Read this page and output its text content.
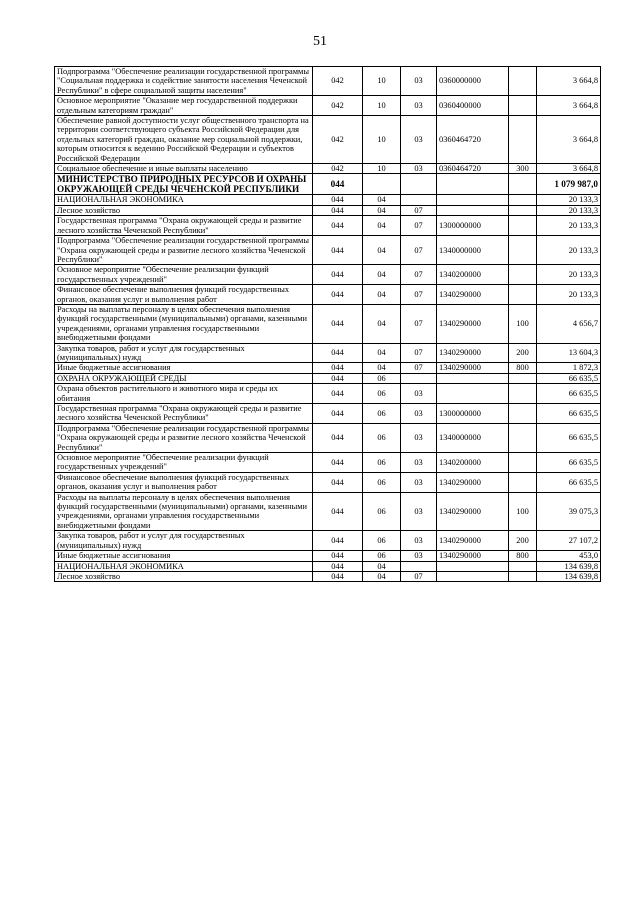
51
Подпрограмма "Обеспечение реализации государственной программы "Социальная поддержка и содействие занятости населения Чеченской Республики" в сфере социальной защиты населения"	042	10	03	0360000000		3 664,8
Основное мероприятие "Оказание мер государственной поддержки отдельным категориям граждан"	042	10	03	0360400000		3 664,8
Обеспечение равной доступности услуг общественного транспорта на территории соответствующего субъекта Российской Федерации для отдельных категорий граждан, оказание мер социальной поддержки, которым относится к ведению Российской Федерации и субъектов Российской Федерации	042	10	03	0360464720		3 664,8
Социальное обеспечение и иные выплаты населению	042	10	03	0360464720	300	3 664,8
МИНИСТЕРСТВО ПРИРОДНЫХ РЕСУРСОВ И ОХРАНЫ ОКРУЖАЮЩЕЙ СРЕДЫ ЧЕЧЕНСКОЙ РЕСПУБЛИКИ	044					1 079 987,0
НАЦИОНАЛЬНАЯ ЭКОНОМИКА	044	04				20 133,3
Лесное хозяйство	044	04	07			20 133,3
Государственная программа "Охрана окружающей среды и развитие лесного хозяйства Чеченской Республики"	044	04	07	1300000000		20 133,3
Подпрограмма "Обеспечение реализации государственной программы "Охрана окружающей среды и развитие лесного хозяйства Чеченской Республики"	044	04	07	1340000000		20 133,3
Основное мероприятие "Обеспечение реализации функций государственных учреждений"	044	04	07	1340200000		20 133,3
Финансовое обеспечение выполнения функций государственных органов, оказания услуг и выполнения работ	044	04	07	1340290000		20 133,3
Расходы на выплаты персоналу в целях обеспечения выполнения функций государственными (муниципальными) органами, казенными учреждениями, органами управления государственными внебюджетными фондами	044	04	07	1340290000	100	4 656,7
Закупка товаров, работ и услуг для государственных (муниципальных) нужд	044	04	07	1340290000	200	13 604,3
Иные бюджетные ассигнования	044	04	07	1340290000	800	1 872,3
ОХРАНА ОКРУЖАЮЩЕЙ СРЕДЫ	044	06				66 635,5
Охрана объектов растительного и животного мира и среды их обитания	044	06	03			66 635,5
Государственная программа "Охрана окружающей среды и развитие лесного хозяйства Чеченской Республики"	044	06	03	1300000000		66 635,5
Подпрограмма "Обеспечение реализации государственной программы "Охрана окружающей среды и развитие лесного хозяйства Чеченской Республики"	044	06	03	1340000000		66 635,5
Основное мероприятие "Обеспечение реализации функций государственных учреждений"	044	06	03	1340200000		66 635,5
Финансовое обеспечение выполнения функций государственных органов, оказания услуг и выполнения работ	044	06	03	1340290000		66 635,5
Расходы на выплаты персоналу в целях обеспечения выполнения функций государственными (муниципальными) органами, казенными учреждениями, органами управления государственными внебюджетными фондами	044	06	03	1340290000	100	39 075,3
Закупка товаров, работ и услуг для государственных (муниципальных) нужд	044	06	03	1340290000	200	27 107,2
Иные бюджетные ассигнования	044	06	03	1340290000	800	453,0
НАЦИОНАЛЬНАЯ ЭКОНОМИКА	044	04				134 639,8
Лесное хозяйство	044	04	07			134 639,8
